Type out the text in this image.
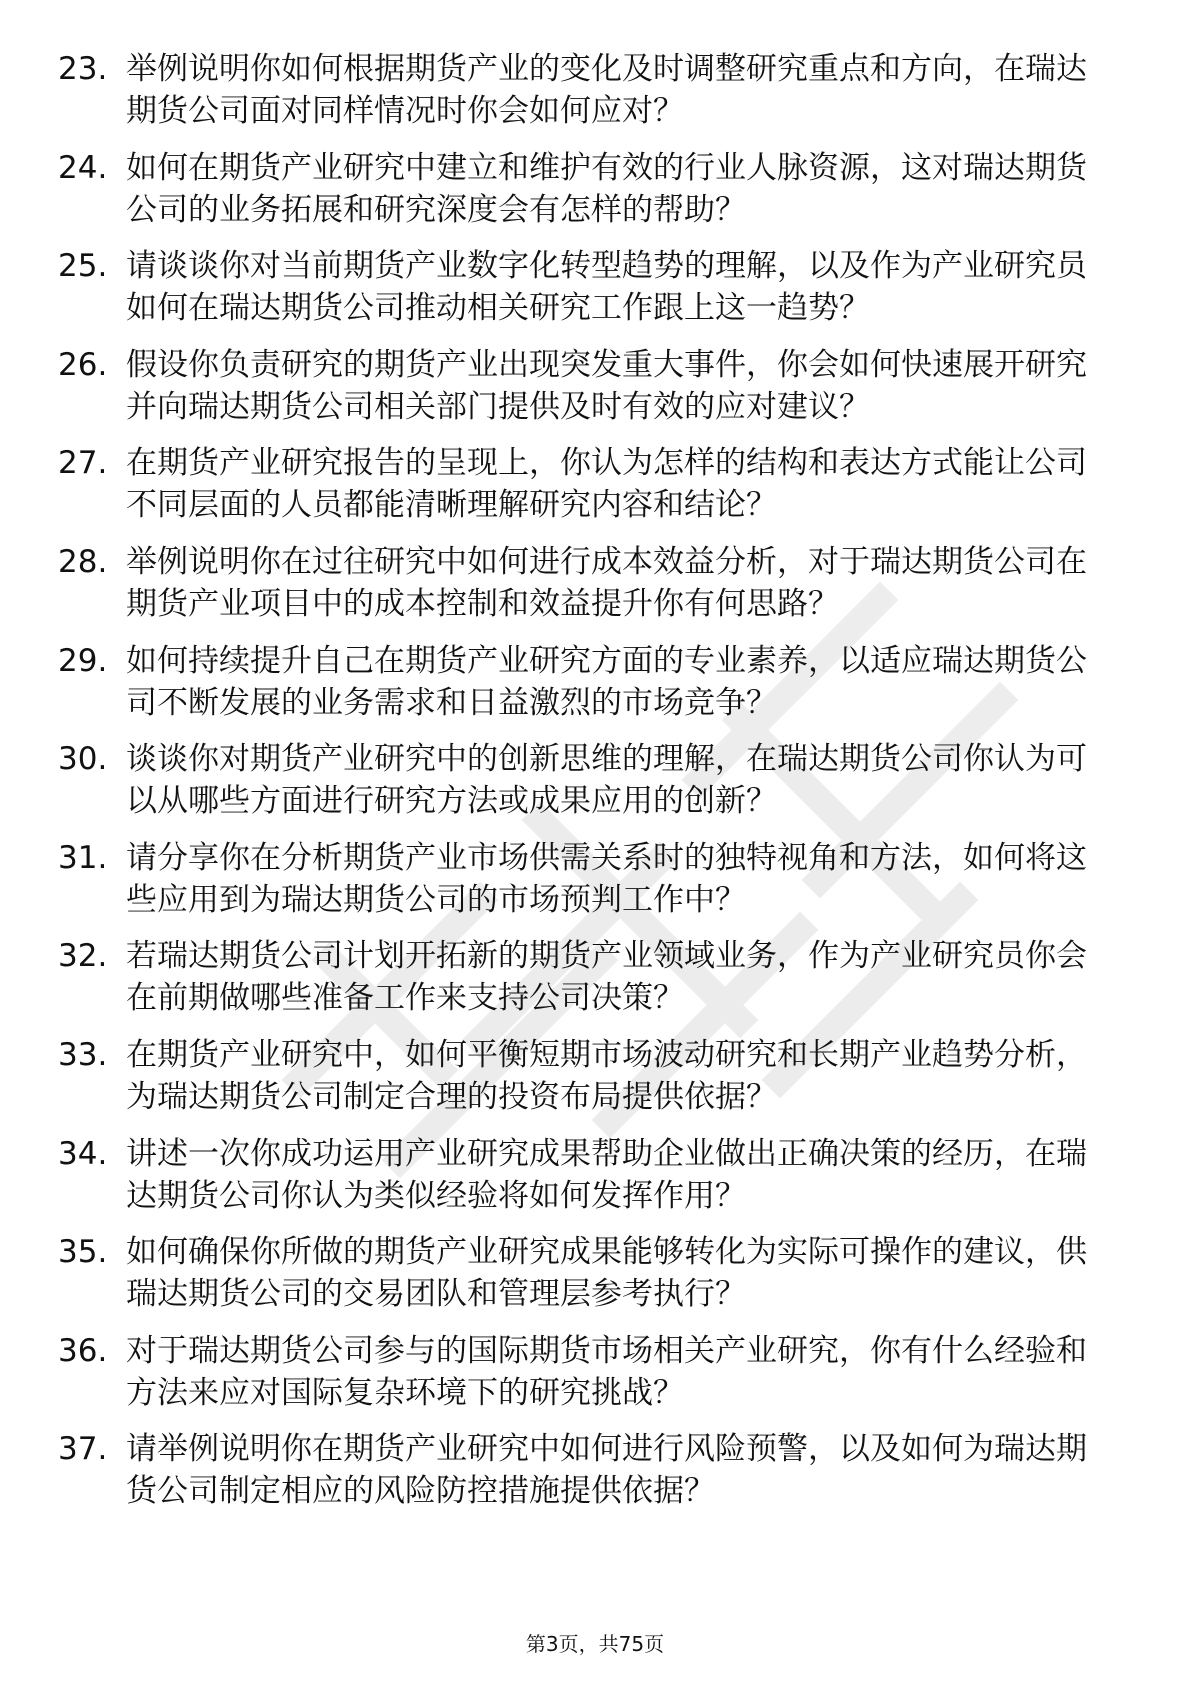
23. 举例说明你如何根据期货产业的变化及时调整研究重点和方向，在瑞达期货公司面对同样情况时你会如何应对？
24. 如何在期货产业研究中建立和维护有效的行业人脉资源，这对瑞达期货公司的业务拓展和研究深度会有怎样的帮助？
25. 请谈谈你对当前期货产业数字化转型趋势的理解，以及作为产业研究员如何在瑞达期货公司推动相关研究工作跟上这一趋势？
26. 假设你负责研究的期货产业出现突发重大事件，你会如何快速展开研究并向瑞达期货公司相关部门提供及时有效的应对建议？
27. 在期货产业研究报告的呈现上，你认为怎样的结构和表达方式能让公司不同层面的人员都能清晰理解研究内容和结论？
28. 举例说明你在过往研究中如何进行成本效益分析，对于瑞达期货公司在期货产业项目中的成本控制和效益提升你有何思路？
29. 如何持续提升自己在期货产业研究方面的专业素养，以适应瑞达期货公司不断发展的业务需求和日益激烈的市场竞争？
30. 谈谈你对期货产业研究中的创新思维的理解，在瑞达期货公司你认为可以从哪些方面进行研究方法或成果应用的创新？
31. 请分享你在分析期货产业市场供需关系时的独特视角和方法，如何将这些应用到为瑞达期货公司的市场预判工作中？
32. 若瑞达期货公司计划开拓新的期货产业领域业务，作为产业研究员你会在前期做哪些准备工作来支持公司决策？
33. 在期货产业研究中，如何平衡短期市场波动研究和长期产业趋势分析，为瑞达期货公司制定合理的投资布局提供依据？
34. 讲述一次你成功运用产业研究成果帮助企业做出正确决策的经历，在瑞达期货公司你认为类似经验将如何发挥作用？
35. 如何确保你所做的期货产业研究成果能够转化为实际可操作的建议，供瑞达期货公司的交易团队和管理层参考执行？
36. 对于瑞达期货公司参与的国际期货市场相关产业研究，你有什么经验和方法来应对国际复杂环境下的研究挑战？
37. 请举例说明你在期货产业研究中如何进行风险预警，以及如何为瑞达期货公司制定相应的风险防控措施提供依据？
第3页，共75页
